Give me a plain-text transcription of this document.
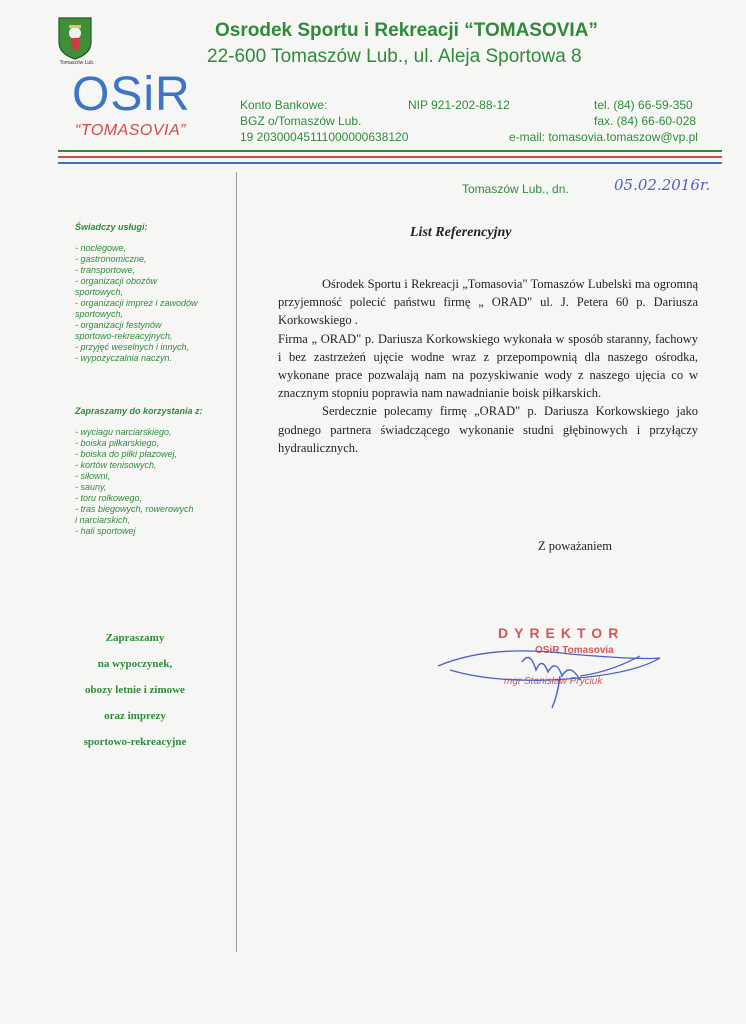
Tomaszów Lub.
Osrodek Sportu i Rekreacji “TOMASOVIA”
22-600 Tomaszów Lub., ul. Aleja Sportowa 8
OSiR
“TOMASOVIA”
Konto Bankowe:
BGZ o/Tomaszów Lub.
19 20300045111000000638120
NIP 921-202-88-12	tel. (84) 66-59-350
fax. (84) 66-60-028
e-mail: tomasovia.tomaszow@vp.pl
Tomaszów Lub., dn.	05.02.2016r.
Świadczy usługi:
- noclegowe,
- gastronomiczne,
- transportowe,
- organizacji obozów
sportowych,
- organizacji imprez i zawodów
sportowych,
- organizacji festynów
sportowo-rekreacyjnych,
- przyjęć weselnych i innych,
- wypozyczalnia naczyn.
Zapraszamy do korzystania z:
- wyciagu narciarskiego,
- boiska piłkarskiego,
- boiska do piłki plazowej,
- kortów tenisowych,
- siłowni,
- sauny,
- toru rolkowego,
- tras biegowych, rowerowych
i narciarskich,
- hali sportowej
Zapraszamy
na wypoczynek,
obozy letnie i zimowe
oraz imprezy
sportowo-rekreacyjne
List Referencyjny

Ośrodek Sportu i Rekreacji „Tomasovia" Tomaszów Lubelski ma ogromną przyjemność polecić państwu firmę „ ORAD" ul. J. Petera 60 p. Dariusza Korkowskiego .

Firma „ ORAD" p. Dariusza Korkowskiego wykonała w sposób staranny, fachowy i bez zastrzeżeń ujęcie wodne wraz z przepompownią dla naszego ośrodka, wykonane prace pozwalają nam na pozyskiwanie wody z naszego ujęcia co w znacznym stopniu poprawia nam nawadnianie boisk piłkarskich.

Serdecznie polecamy firmę „ORAD" p. Dariusza Korkowskiego jako godnego partnera świadczącego wykonanie studni głębinowych i przyłączy hydraulicznych.

Z poważaniem
DYREKTOR
OSiR Tomasovia
mgr Stanisław Pryciuk
